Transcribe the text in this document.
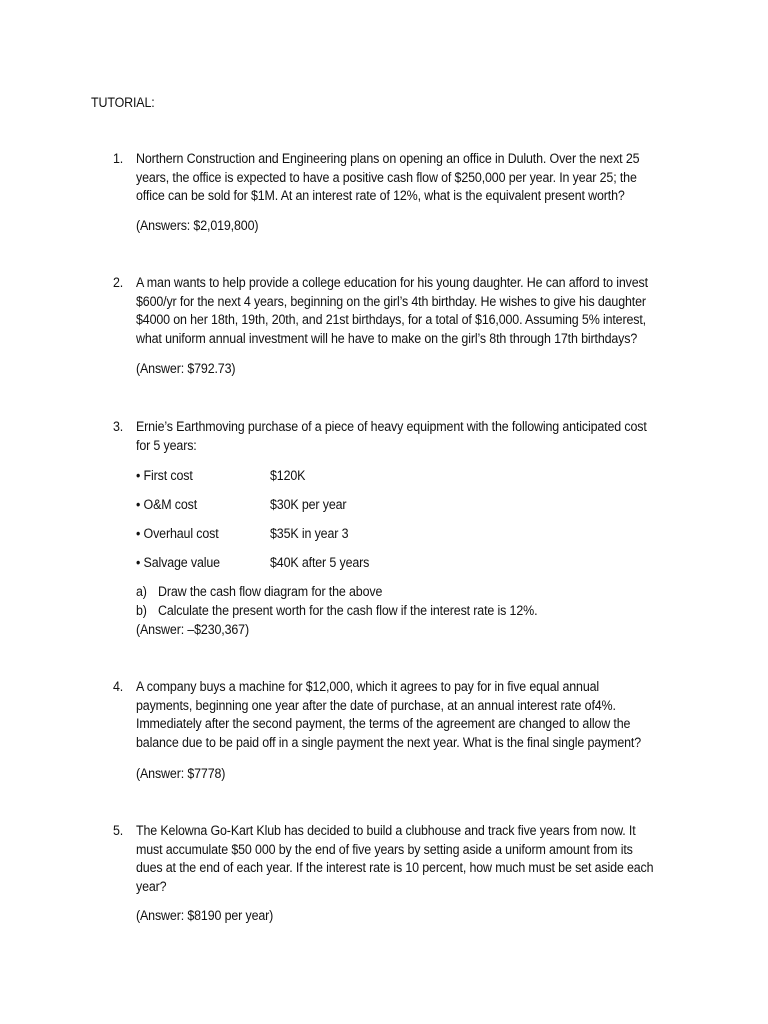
TUTORIAL:
1. Northern Construction and Engineering plans on opening an office in Duluth. Over the next 25
years, the office is expected to have a positive cash flow of $250,000 per year. In year 25; the
office can be sold for $1M. At an interest rate of 12%, what is the equivalent present worth?
(Answers: $2,019,800)
2. A man wants to help provide a college education for his young daughter. He can afford to invest
$600/yr for the next 4 years, beginning on the girl’s 4th birthday. He wishes to give his daughter
$4000 on her 18th, 19th, 20th, and 21st birthdays, for a total of $16,000. Assuming 5% interest,
what uniform annual investment will he have to make on the girl’s 8th through 17th birthdays?
(Answer: $792.73)
3. Ernie’s Earthmoving purchase of a piece of heavy equipment with the following anticipated cost
for 5 years:
• First cost	$120K
• O&M cost	$30K per year
• Overhaul cost	$35K in year 3
• Salvage value	$40K after 5 years
a) Draw the cash flow diagram for the above
b) Calculate the present worth for the cash flow if the interest rate is 12%.
(Answer: –$230,367)
4. A company buys a machine for $12,000, which it agrees to pay for in five equal annual
payments, beginning one year after the date of purchase, at an annual interest rate of4%.
Immediately after the second payment, the terms of the agreement are changed to allow the
balance due to be paid off in a single payment the next year. What is the final single payment?
(Answer: $7778)
5. The Kelowna Go-Kart Klub has decided to build a clubhouse and track five years from now. It
must accumulate $50 000 by the end of five years by setting aside a uniform amount from its
dues at the end of each year. If the interest rate is 10 percent, how much must be set aside each
year?
(Answer: $8190 per year)
